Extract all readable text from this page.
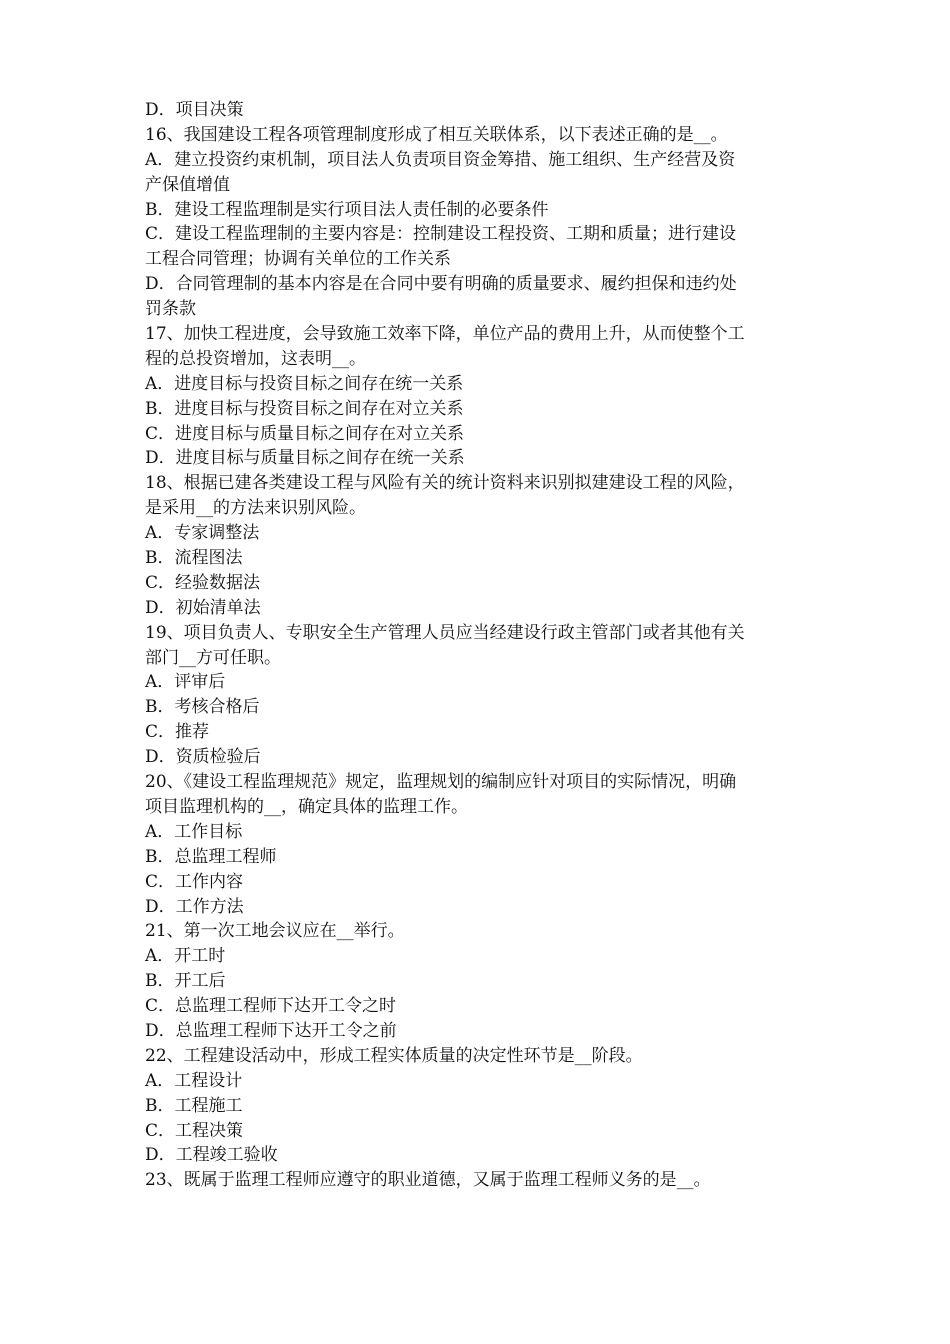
D．项目决策
16、我国建设工程各项管理制度形成了相互关联体系，以下表述正确的是__。
A．建立投资约束机制，项目法人负责项目资金筹措、施工组织、生产经营及资
产保值增值
B．建设工程监理制是实行项目法人责任制的必要条件
C．建设工程监理制的主要内容是：控制建设工程投资、工期和质量；进行建设
工程合同管理；协调有关单位的工作关系
D．合同管理制的基本内容是在合同中要有明确的质量要求、履约担保和违约处
罚条款
17、加快工程进度，会导致施工效率下降，单位产品的费用上升，从而使整个工
程的总投资增加，这表明__。
A．进度目标与投资目标之间存在统一关系
B．进度目标与投资目标之间存在对立关系
C．进度目标与质量目标之间存在对立关系
D．进度目标与质量目标之间存在统一关系
18、根据已建各类建设工程与风险有关的统计资料来识别拟建建设工程的风险，
是采用__的方法来识别风险。
A．专家调整法
B．流程图法
C．经验数据法
D．初始清单法
19、项目负责人、专职安全生产管理人员应当经建设行政主管部门或者其他有关
部门__方可任职。
A．评审后
B．考核合格后
C．推荐
D．资质检验后
20、《建设工程监理规范》规定，监理规划的编制应针对项目的实际情况，明确
项目监理机构的__，确定具体的监理工作。
A．工作目标
B．总监理工程师
C．工作内容
D．工作方法
21、第一次工地会议应在__举行。
A．开工时
B．开工后
C．总监理工程师下达开工令之时
D．总监理工程师下达开工令之前
22、工程建设活动中，形成工程实体质量的决定性环节是__阶段。
A．工程设计
B．工程施工
C．工程决策
D．工程竣工验收
23、既属于监理工程师应遵守的职业道德，又属于监理工程师义务的是__。
